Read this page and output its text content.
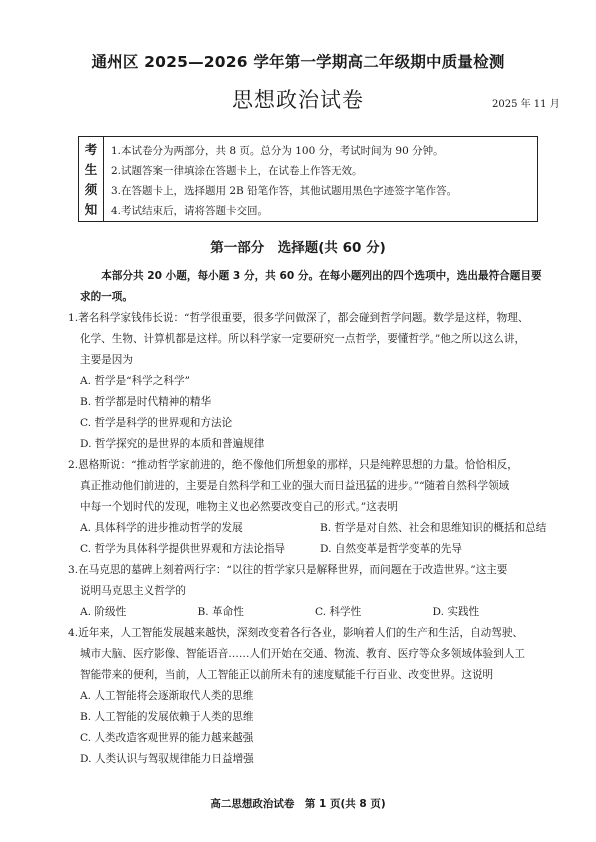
通州区 2025—2026 学年第一学期高二年级期中质量检测
思想政治试卷	2025 年 11 月
考
生
须
知
1.本试卷分为两部分，共 8 页。总分为 100 分，考试时间为 90 分钟。
2.试题答案一律填涂在答题卡上，在试卷上作答无效。
3.在答题卡上，选择题用 2B 铅笔作答，其他试题用黑色字迹签字笔作答。
4.考试结束后，请将答题卡交回。
第一部分　选择题(共 60 分)
本部分共 20 小题，每小题 3 分，共 60 分。在每小题列出的四个选项中，选出最符合题目要
求的一项。
1.著名科学家钱伟长说：“哲学很重要，很多学问做深了，都会碰到哲学问题。数学是这样，物理、
化学、生物、计算机都是这样。所以科学家一定要研究一点哲学，要懂哲学。”他之所以这么讲，
主要是因为
A. 哲学是“科学之科学”
B. 哲学都是时代精神的精华
C. 哲学是科学的世界观和方法论
D. 哲学探究的是世界的本质和普遍规律
2.恩格斯说：“推动哲学家前进的，绝不像他们所想象的那样，只是纯粹思想的力量。恰恰相反，
真正推动他们前进的，主要是自然科学和工业的强大而日益迅猛的进步。”“随着自然科学领域
中每一个划时代的发现，唯物主义也必然要改变自己的形式。”这表明
A. 具体科学的进步推动哲学的发展	B. 哲学是对自然、社会和思维知识的概括和总结
C. 哲学为具体科学提供世界观和方法论指导	D. 自然变革是哲学变革的先导
3.在马克思的墓碑上刻着两行字：“以往的哲学家只是解释世界，而问题在于改造世界。”这主要
说明马克思主义哲学的
A. 阶级性	B. 革命性	C. 科学性	D. 实践性
4.近年来，人工智能发展越来越快，深刻改变着各行各业，影响着人们的生产和生活，自动驾驶、
城市大脑、医疗影像、智能语音……人们开始在交通、物流、教育、医疗等众多领域体验到人工
智能带来的便利，当前，人工智能正以前所未有的速度赋能千行百业、改变世界。这说明
A. 人工智能将会逐渐取代人类的思维
B. 人工智能的发展依赖于人类的思维
C. 人类改造客观世界的能力越来越强
D. 人类认识与驾驭规律能力日益增强
高二思想政治试卷　第 1 页(共 8 页)
